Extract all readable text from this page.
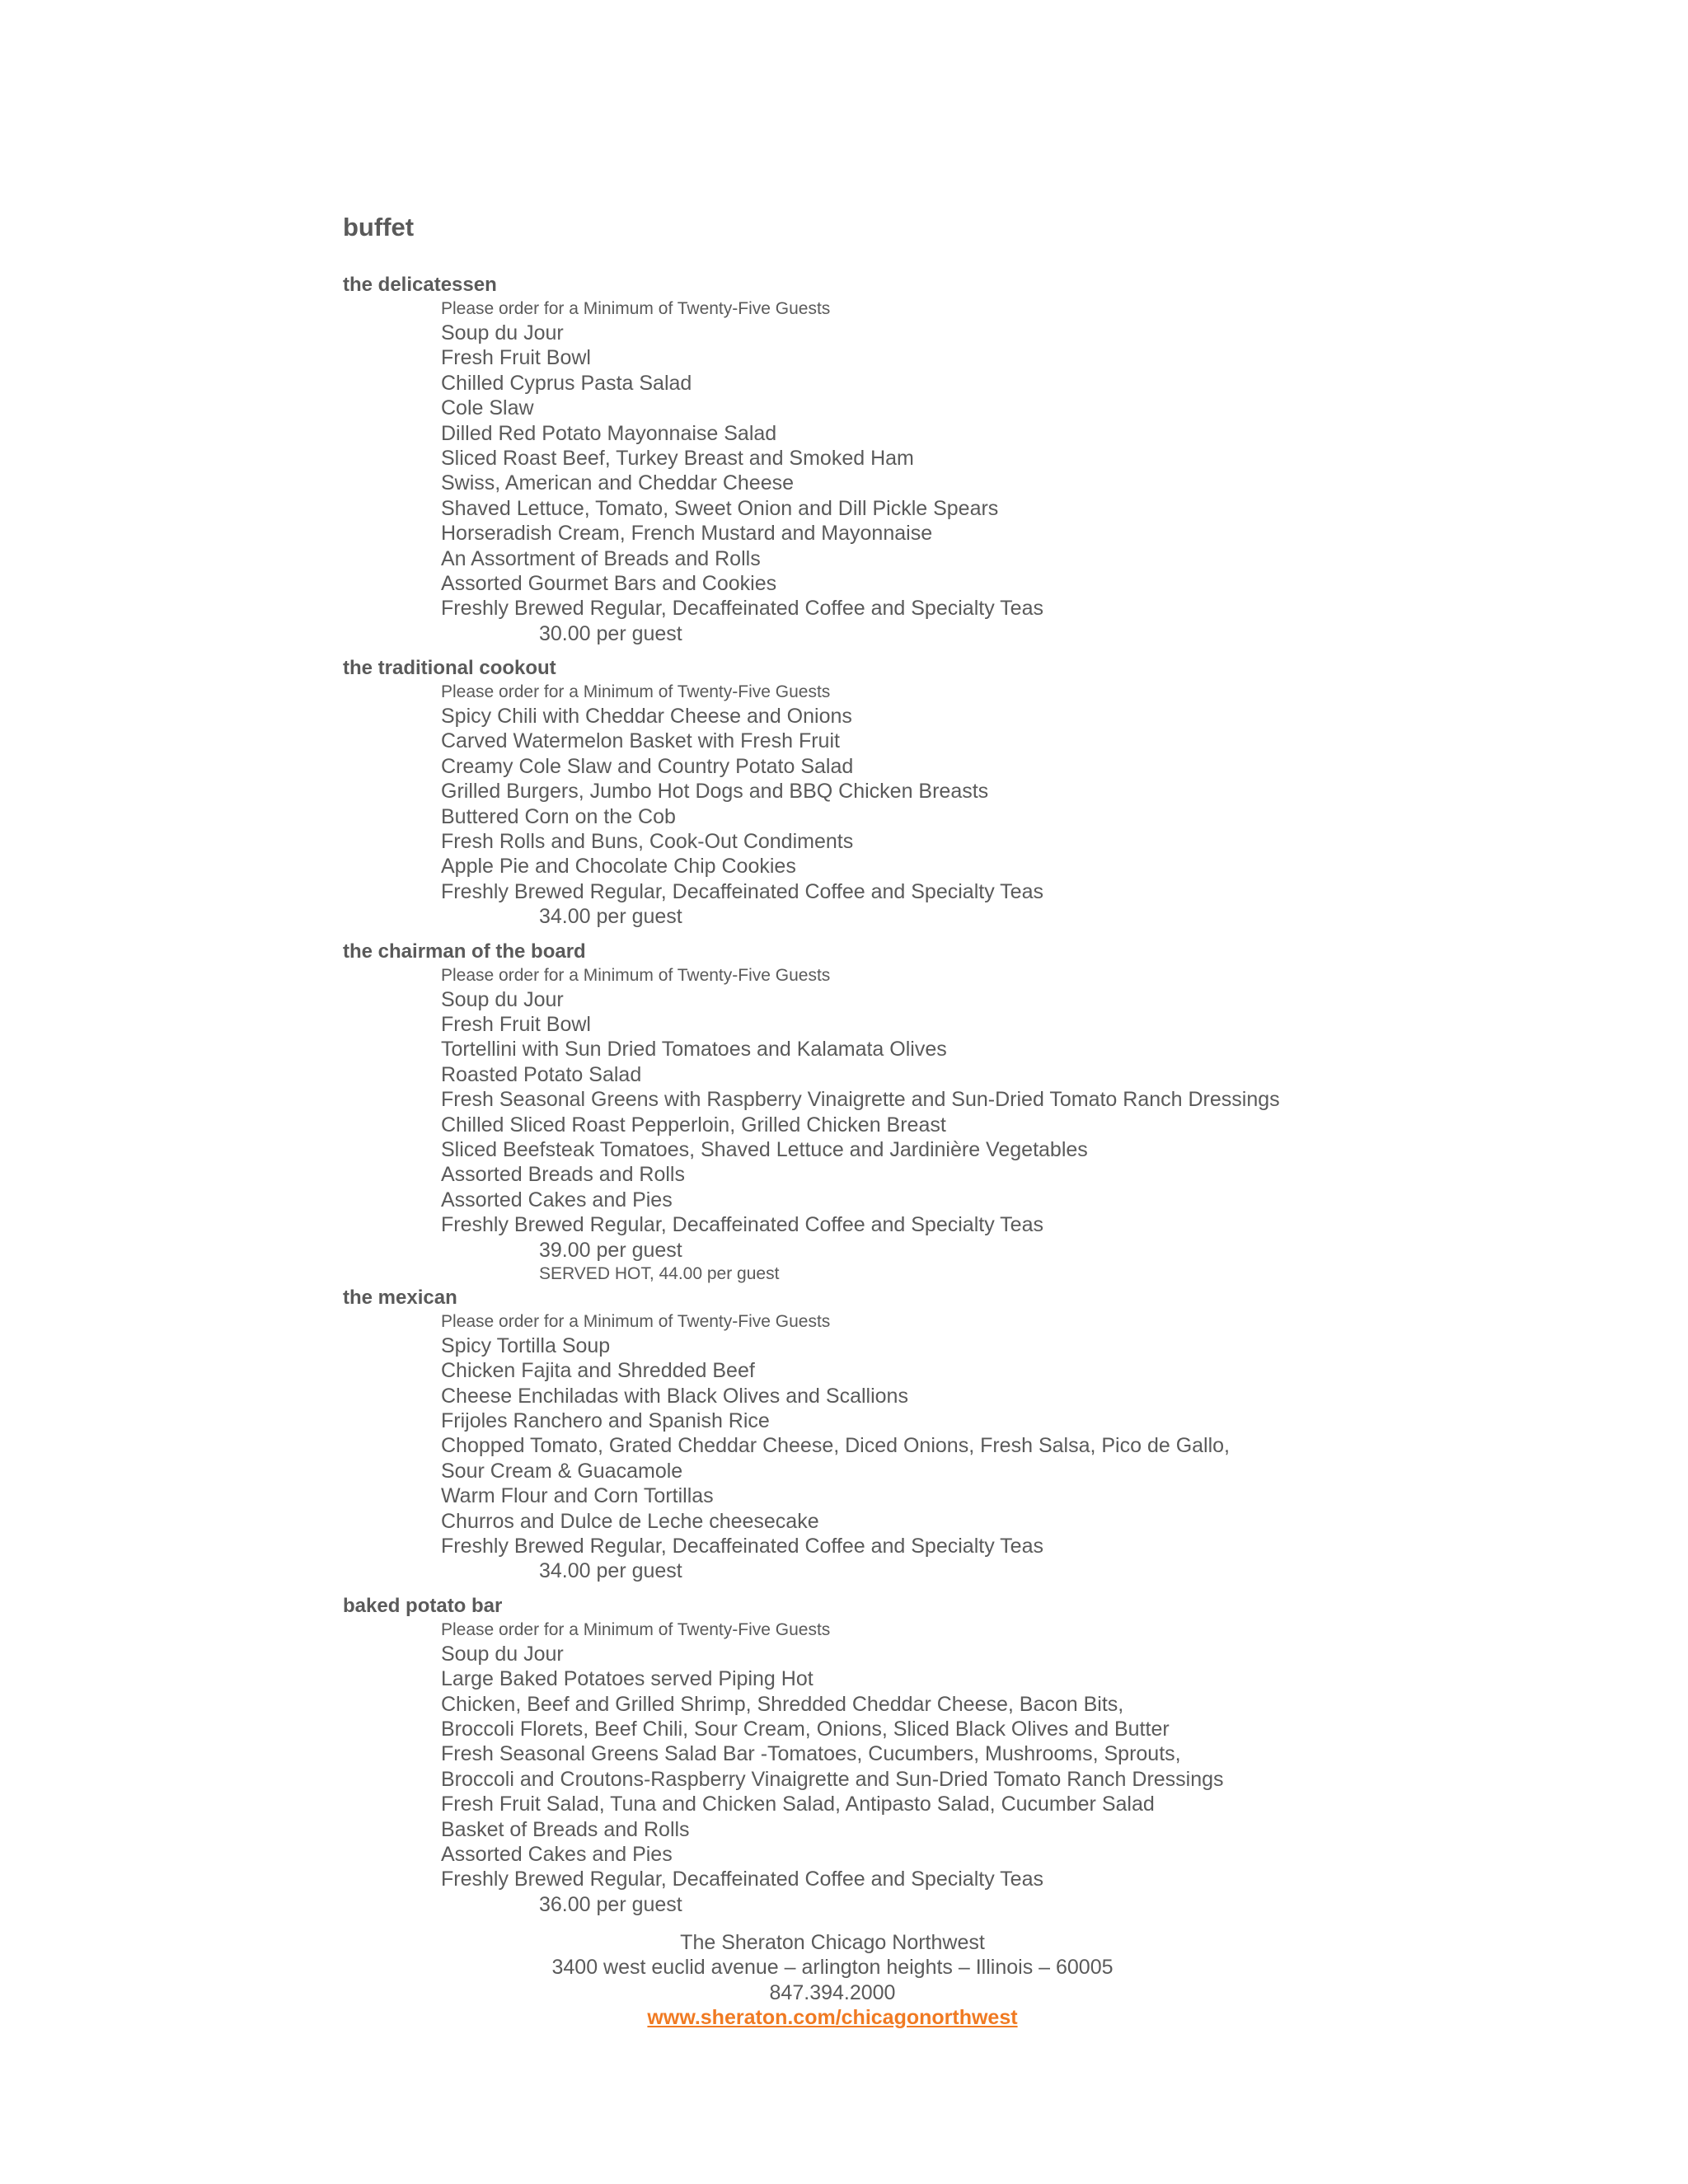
buffet
the delicatessen
Please order for a Minimum of Twenty-Five Guests
Soup du Jour
Fresh Fruit Bowl
Chilled Cyprus Pasta Salad
Cole Slaw
Dilled Red Potato Mayonnaise Salad
Sliced Roast Beef, Turkey Breast and Smoked Ham
Swiss, American and Cheddar Cheese
Shaved Lettuce, Tomato, Sweet Onion and Dill Pickle Spears
Horseradish Cream, French Mustard and Mayonnaise
An Assortment of Breads and Rolls
Assorted Gourmet Bars and Cookies
Freshly Brewed Regular, Decaffeinated Coffee and Specialty Teas
30.00 per guest
the traditional cookout
Please order for a Minimum of Twenty-Five Guests
Spicy Chili with Cheddar Cheese and Onions
Carved Watermelon Basket with Fresh Fruit
Creamy Cole Slaw and Country Potato Salad
Grilled Burgers, Jumbo Hot Dogs and BBQ Chicken Breasts
Buttered Corn on the Cob
Fresh Rolls and Buns, Cook-Out Condiments
Apple Pie and Chocolate Chip Cookies
Freshly Brewed Regular, Decaffeinated Coffee and Specialty Teas
34.00 per guest
the chairman of the board
Please order for a Minimum of Twenty-Five Guests
Soup du Jour
Fresh Fruit Bowl
Tortellini with Sun Dried Tomatoes and Kalamata Olives
Roasted Potato Salad
Fresh Seasonal Greens with Raspberry Vinaigrette and Sun-Dried Tomato Ranch Dressings
Chilled Sliced Roast Pepperloin, Grilled Chicken Breast
Sliced Beefsteak Tomatoes, Shaved Lettuce and Jardinière Vegetables
Assorted Breads and Rolls
Assorted Cakes and Pies
Freshly Brewed Regular, Decaffeinated Coffee and Specialty Teas
39.00 per guest
SERVED HOT, 44.00 per guest
the mexican
Please order for a Minimum of Twenty-Five Guests
Spicy Tortilla Soup
Chicken Fajita and Shredded Beef
Cheese Enchiladas with Black Olives and Scallions
Frijoles Ranchero and Spanish Rice
Chopped Tomato, Grated Cheddar Cheese, Diced Onions, Fresh Salsa, Pico de Gallo,
Sour Cream & Guacamole
Warm Flour and Corn Tortillas
Churros and Dulce de Leche cheesecake
Freshly Brewed Regular, Decaffeinated Coffee and Specialty Teas
34.00 per guest
baked potato bar
Please order for a Minimum of Twenty-Five Guests
Soup du Jour
Large Baked Potatoes served Piping Hot
Chicken, Beef and Grilled Shrimp, Shredded Cheddar Cheese, Bacon Bits,
Broccoli Florets, Beef Chili, Sour Cream, Onions, Sliced Black Olives and Butter
Fresh Seasonal Greens Salad Bar -Tomatoes, Cucumbers, Mushrooms, Sprouts,
Broccoli and Croutons-Raspberry Vinaigrette and Sun-Dried Tomato Ranch Dressings
Fresh Fruit Salad, Tuna and Chicken Salad, Antipasto Salad, Cucumber Salad
Basket of Breads and Rolls
Assorted Cakes and Pies
Freshly Brewed Regular, Decaffeinated Coffee and Specialty Teas
36.00 per guest
The Sheraton Chicago Northwest
3400 west euclid avenue – arlington heights – Illinois – 60005
847.394.2000
www.sheraton.com/chicagonorthwest
